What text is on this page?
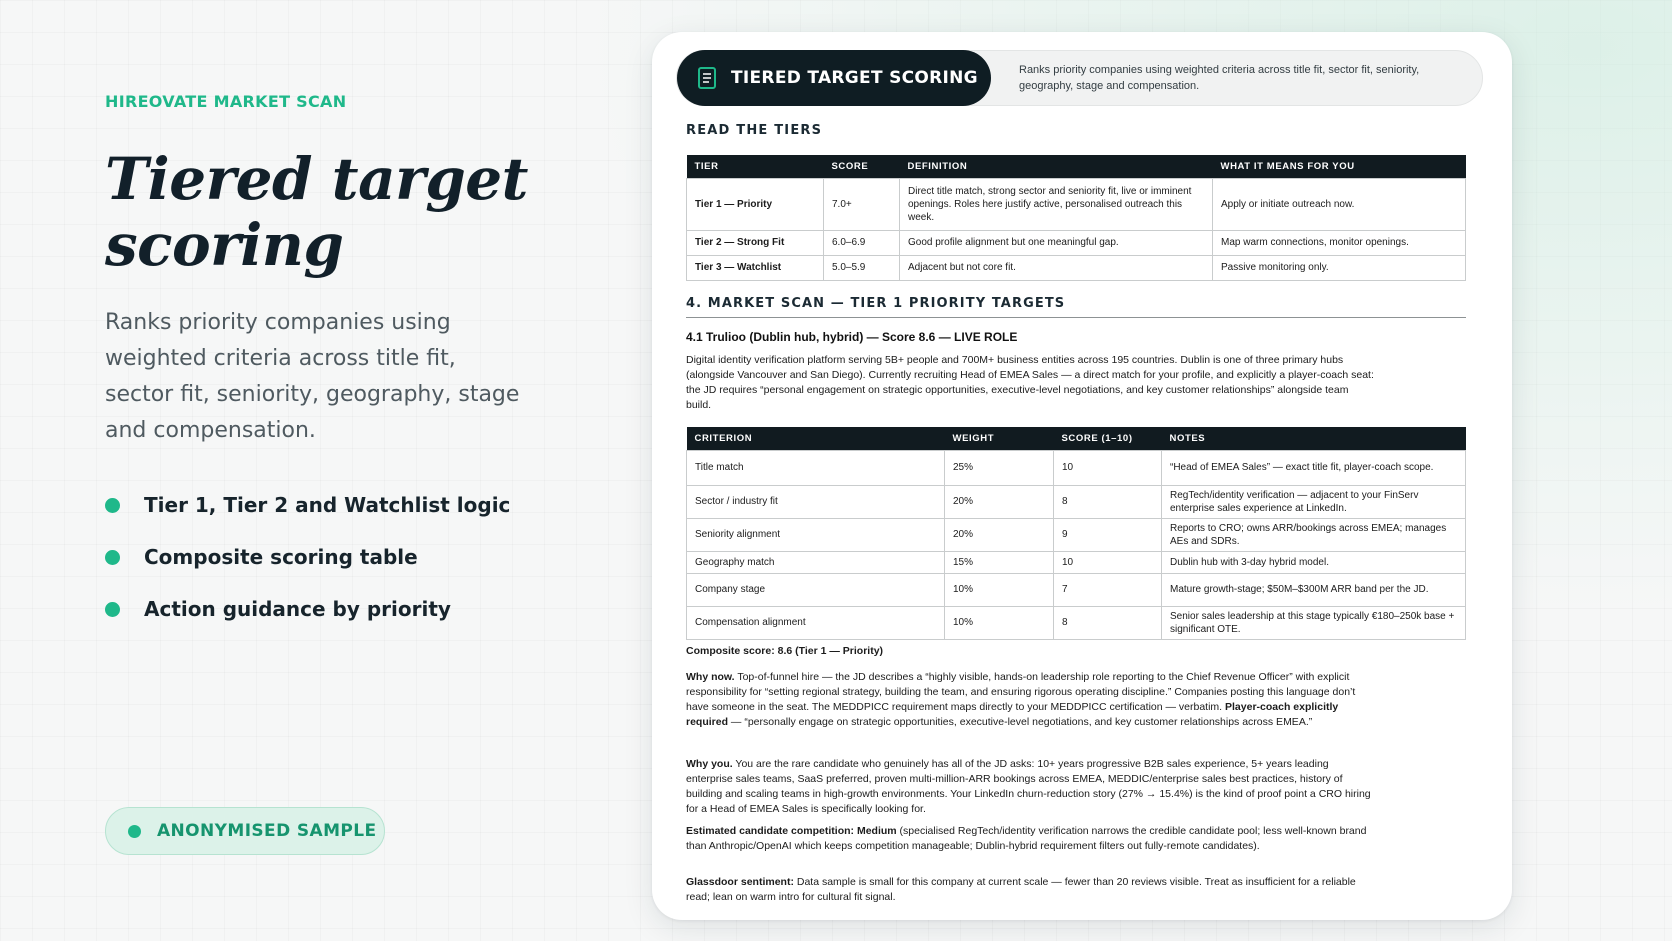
HIREOVATE MARKET SCAN
Tiered target scoring

Ranks priority companies using weighted criteria across title fit, sector fit, seniority, geography, stage and compensation.

Tier 1, Tier 2 and Watchlist logic
Composite scoring table
Action guidance by priority
ANONYMISED SAMPLE
TIERED TARGET SCORING	Ranks priority companies using weighted criteria across title fit, sector fit, seniority, geography, stage and compensation.
READ THE TIERS
TIER	SCORE	DEFINITION	WHAT IT MEANS FOR YOU
Tier 1 — Priority	7.0+	Direct title match, strong sector and seniority fit, live or imminent openings. Roles here justify active, personalised outreach this week.	Apply or initiate outreach now.
Tier 2 — Strong Fit	6.0–6.9	Good profile alignment but one meaningful gap.	Map warm connections, monitor openings.
Tier 3 — Watchlist	5.0–5.9	Adjacent but not core fit.	Passive monitoring only.
4. MARKET SCAN — TIER 1 PRIORITY TARGETS
4.1 Trulioo (Dublin hub, hybrid) — Score 8.6 — LIVE ROLE

Digital identity verification platform serving 5B+ people and 700M+ business entities across 195 countries. Dublin is one of three primary hubs (alongside Vancouver and San Diego). Currently recruiting Head of EMEA Sales — a direct match for your profile, and explicitly a player-coach seat: the JD requires “personal engagement on strategic opportunities, executive-level negotiations, and key customer relationships” alongside team build.

CRITERION	WEIGHT	SCORE (1–10)	NOTES
Title match	25%	10	“Head of EMEA Sales” — exact title fit, player-coach scope.
Sector / industry fit	20%	8	RegTech/identity verification — adjacent to your FinServ enterprise sales experience at LinkedIn.
Seniority alignment	20%	9	Reports to CRO; owns ARR/bookings across EMEA; manages AEs and SDRs.
Geography match	15%	10	Dublin hub with 3-day hybrid model.
Company stage	10%	7	Mature growth-stage; $50M–$300M ARR band per the JD.
Compensation alignment	10%	8	Senior sales leadership at this stage typically €180–250k base + significant OTE.
Composite score: 8.6 (Tier 1 — Priority)

Why now. Top-of-funnel hire — the JD describes a “highly visible, hands-on leadership role reporting to the Chief Revenue Officer” with explicit responsibility for “setting regional strategy, building the team, and ensuring rigorous operating discipline.” Companies posting this language don’t have someone in the seat. The MEDDPICC requirement maps directly to your MEDDPICC certification — verbatim. Player-coach explicitly required — “personally engage on strategic opportunities, executive-level negotiations, and key customer relationships across EMEA.”

Why you. You are the rare candidate who genuinely has all of the JD asks: 10+ years progressive B2B sales experience, 5+ years leading enterprise sales teams, SaaS preferred, proven multi-million-ARR bookings across EMEA, MEDDIC/enterprise sales best practices, history of building and scaling teams in high-growth environments. Your LinkedIn churn-reduction story (27% → 15.4%) is the kind of proof point a CRO hiring for a Head of EMEA Sales is specifically looking for.

Estimated candidate competition: Medium (specialised RegTech/identity verification narrows the credible candidate pool; less well-known brand than Anthropic/OpenAI which keeps competition manageable; Dublin-hybrid requirement filters out fully-remote candidates).

Glassdoor sentiment: Data sample is small for this company at current scale — fewer than 20 reviews visible. Treat as insufficient for a reliable read; lean on warm intro for cultural fit signal.
